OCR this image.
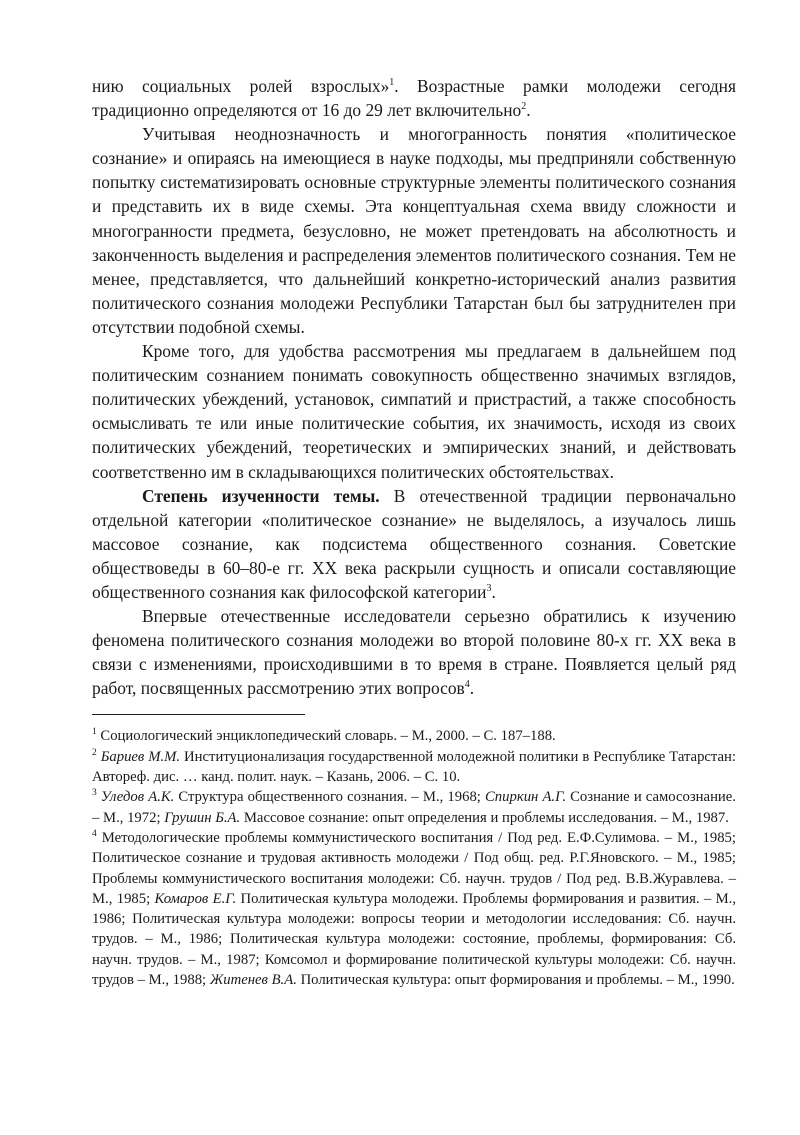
нию социальных ролей взрослых»$^1$. Возрастные рамки молодежи сегодня традиционно определяются от 16 до 29 лет включительно$^2$.

Учитывая неоднозначность и многогранность понятия «политическое сознание» и опираясь на имеющиеся в науке подходы, мы предприняли собственную попытку систематизировать основные структурные элементы политического сознания и представить их в виде схемы. Эта концептуальная схема ввиду сложности и многогранности предмета, безусловно, не может претендовать на абсолютность и законченность выделения и распределения элементов политического сознания. Тем не менее, представляется, что дальнейший конкретно-исторический анализ развития политического сознания молодежи Республики Татарстан был бы затруднителен при отсутствии подобной схемы.

Кроме того, для удобства рассмотрения мы предлагаем в дальнейшем под политическим сознанием понимать совокупность общественно значимых взглядов, политических убеждений, установок, симпатий и пристрастий, а также способность осмысливать те или иные политические события, их значимость, исходя из своих политических убеждений, теоретических и эмпирических знаний, и действовать соответственно им в складывающихся политических обстоятельствах.

Степень изученности темы. В отечественной традиции первоначально отдельной категории «политическое сознание» не выделялось, а изучалось лишь массовое сознание, как подсистема общественного сознания. Советские обществоведы в 60–80-е гг. XX века раскрыли сущность и описали составляющие общественного сознания как философской категории$^3$.

Впервые отечественные исследователи серьезно обратились к изучению феномена политического сознания молодежи во второй половине 80-х гг. XX века в связи с изменениями, происходившими в то время в стране. Появляется целый ряд работ, посвященных рассмотрению этих вопросов$^4$.

$^1$ Социологический энциклопедический словарь. – М., 2000. – С. 187–188.

$^2$ Бариев М.М. Институционализация государственной молодежной политики в Республике Татарстан: Автореф. дис. … канд. полит. наук. – Казань, 2006. – С. 10.

$^3$ Уледов А.К. Структура общественного сознания. – М., 1968; Спиркин А.Г. Сознание и самосознание. – М., 1972; Грушин Б.А. Массовое сознание: опыт определения и проблемы исследования. – М., 1987.

$^4$ Методологические проблемы коммунистического воспитания / Под ред. Е.Ф.Сулимова. – М., 1985; Политическое сознание и трудовая активность молодежи / Под общ. ред. Р.Г.Яновского. – М., 1985; Проблемы коммунистического воспитания молодежи: Сб. научн. трудов / Под ред. В.В.Журавлева. – М., 1985; Комаров Е.Г. Политическая культура молодежи. Проблемы формирования и развития. – М., 1986; Политическая культура молодежи: вопросы теории и методологии исследования: Сб. научн. трудов. – М., 1986; Политическая культура молодежи: состояние, проблемы, формирования: Сб. научн. трудов. – М., 1987; Комсомол и формирование политической культуры молодежи: Сб. научн. трудов – М., 1988; Житенев В.А. Политическая культура: опыт формирования и проблемы. – М., 1990.
